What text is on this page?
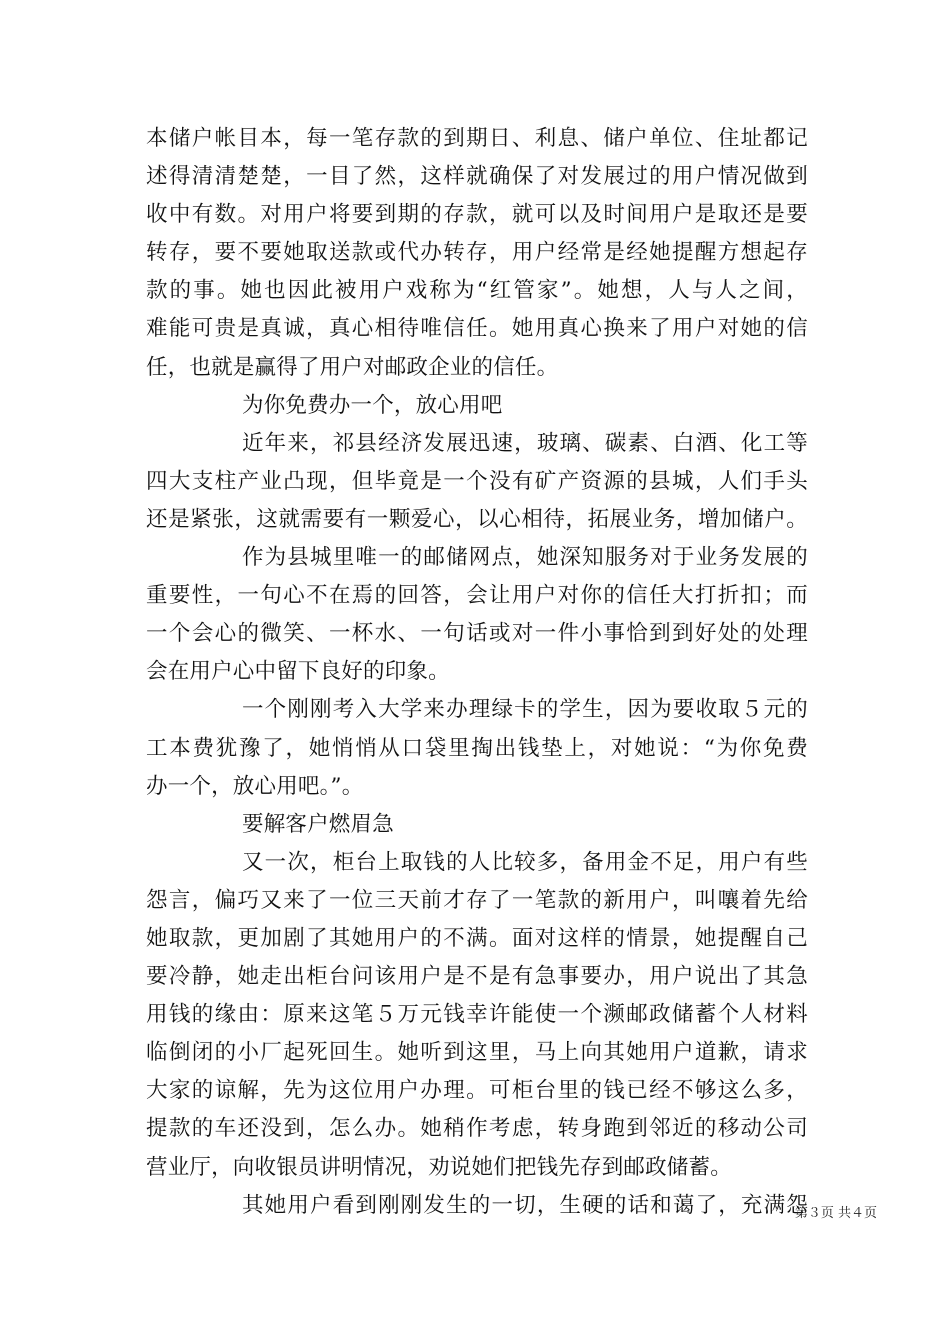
本储户帐目本，每一笔存款的到期日、利息、储户单位、住址都记
述得清清楚楚，一目了然，这样就确保了对发展过的用户情况做到
收中有数。对用户将要到期的存款，就可以及时间用户是取还是要
转存，要不要她取送款或代办转存，用户经常是经她提醒方想起存
款的事。她也因此被用户戏称为“红管家”。她想，人与人之间，
难能可贵是真诚，真心相待唯信任。她用真心换来了用户对她的信
任，也就是赢得了用户对邮政企业的信任。
为你免费办一个，放心用吧
近年来，祁县经济发展迅速，玻璃、碳素、白酒、化工等
四大支柱产业凸现，但毕竟是一个没有矿产资源的县城，人们手头
还是紧张，这就需要有一颗爱心，以心相待，拓展业务，增加储户。
作为县城里唯一的邮储网点，她深知服务对于业务发展的
重要性，一句心不在焉的回答，会让用户对你的信任大打折扣；而
一个会心的微笑、一杯水、一句话或对一件小事恰到到好处的处理
会在用户心中留下良好的印象。
一个刚刚考入大学来办理绿卡的学生，因为要收取５元的
工本费犹豫了，她悄悄从口袋里掏出钱垫上，对她说：“为你免费
办一个，放心用吧。”。
要解客户燃眉急
又一次，柜台上取钱的人比较多，备用金不足，用户有些
怨言，偏巧又来了一位三天前才存了一笔款的新用户，叫嚷着先给
她取款，更加剧了其她用户的不满。面对这样的情景，她提醒自己
要冷静，她走出柜台问该用户是不是有急事要办，用户说出了其急
用钱的缘由：原来这笔５万元钱幸许能使一个濒邮政储蓄个人材料
临倒闭的小厂起死回生。她听到这里，马上向其她用户道歉，请求
大家的谅解，先为这位用户办理。可柜台里的钱已经不够这么多，
提款的车还没到，怎么办。她稍作考虑，转身跑到邻近的移动公司
营业厅，向收银员讲明情况，劝说她们把钱先存到邮政储蓄。
其她用户看到刚刚发生的一切，生硬的话和蔼了，充满怨
第３页 共４页
